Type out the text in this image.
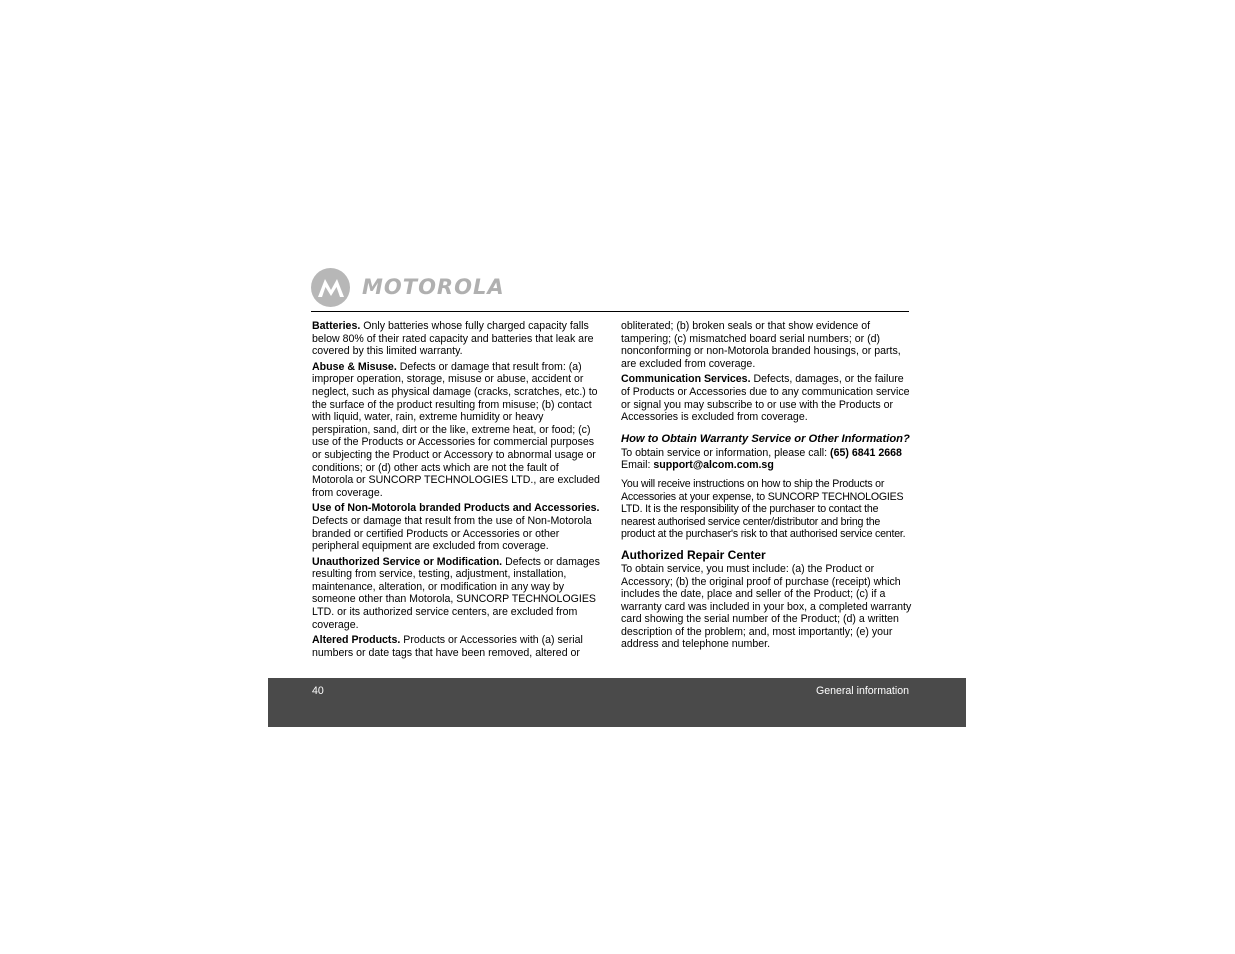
MOTOROLA

Batteries. Only batteries whose fully charged capacity falls below 80% of their rated capacity and batteries that leak are covered by this limited warranty.

Abuse & Misuse. Defects or damage that result from: (a) improper operation, storage, misuse or abuse, accident or neglect, such as physical damage (cracks, scratches, etc.) to the surface of the product resulting from misuse; (b) contact with liquid, water, rain, extreme humidity or heavy perspiration, sand, dirt or the like, extreme heat, or food; (c) use of the Products or Accessories for commercial purposes or subjecting the Product or Accessory to abnormal usage or conditions; or (d) other acts which are not the fault of Motorola or SUNCORP TECHNOLOGIES LTD., are excluded from coverage.

Use of Non-Motorola branded Products and Accessories. Defects or damage that result from the use of Non-Motorola branded or certified Products or Accessories or other peripheral equipment are excluded from coverage.

Unauthorized Service or Modification. Defects or damages resulting from service, testing, adjustment, installation, maintenance, alteration, or modification in any way by someone other than Motorola, SUNCORP TECHNOLOGIES LTD. or its authorized service centers, are excluded from coverage.

Altered Products. Products or Accessories with (a) serial numbers or date tags that have been removed, altered or

obliterated; (b) broken seals or that show evidence of tampering; (c) mismatched board serial numbers; or (d) nonconforming or non-Motorola branded housings, or parts, are excluded from coverage.

Communication Services. Defects, damages, or the failure of Products or Accessories due to any communication service or signal you may subscribe to or use with the Products or Accessories is excluded from coverage.

How to Obtain Warranty Service or Other Information?

To obtain service or information, please call: (65) 6841 2668
Email: support@alcom.com.sg

You will receive instructions on how to ship the Products or Accessories at your expense, to SUNCORP TECHNOLOGIES LTD. It is the responsibility of the purchaser to contact the nearest authorised service center/distributor and bring the product at the purchaser's risk to that authorised service center.

Authorized Repair Center

To obtain service, you must include: (a) the Product or Accessory; (b) the original proof of purchase (receipt) which includes the date, place and seller of the Product; (c) if a warranty card was included in your box, a completed warranty card showing the serial number of the Product; (d) a written description of the problem; and, most importantly; (e) your address and telephone number.

40	General information
